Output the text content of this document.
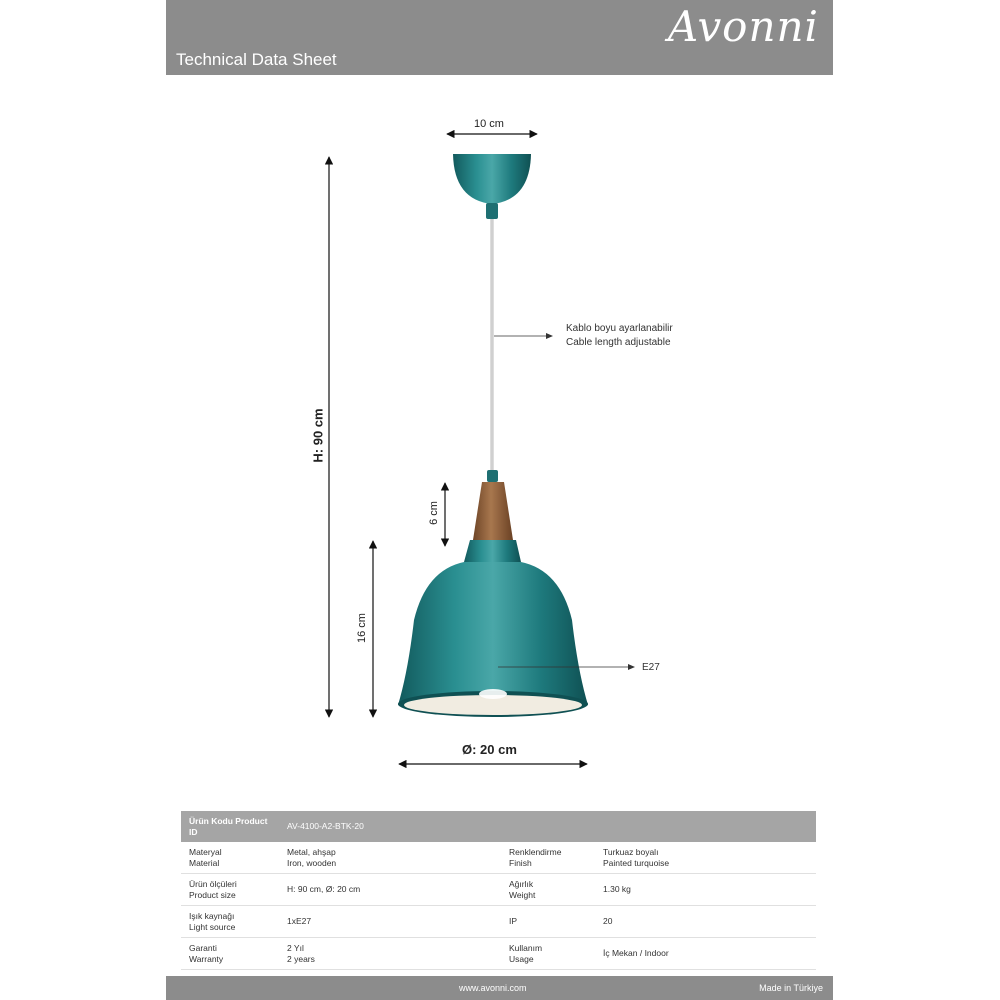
Technical Data Sheet
Avonni
10 cm
H: 90 cm
6 cm
16 cm
Ø: 20 cm
Kablo boyu ayarlanabilir
Cable length adjustable
E27
Ürün Kodu Product ID	AV-4100-A2-BTK-20		

Materyal
Material	Metal, ahşap
Iron, wooden	Renklendirme
Finish	Turkuaz boyalı
Painted turquoise

Ürün ölçüleri
Product size	H: 90 cm, Ø: 20 cm	Ağırlık
Weight	1.30 kg

Işık kaynağı
Light source	1xE27	IP	20

Garanti
Warranty	2 Yıl
2 years	Kullanım
Usage	İç Mekan / Indoor
www.avonni.com	Made in Türkiye
